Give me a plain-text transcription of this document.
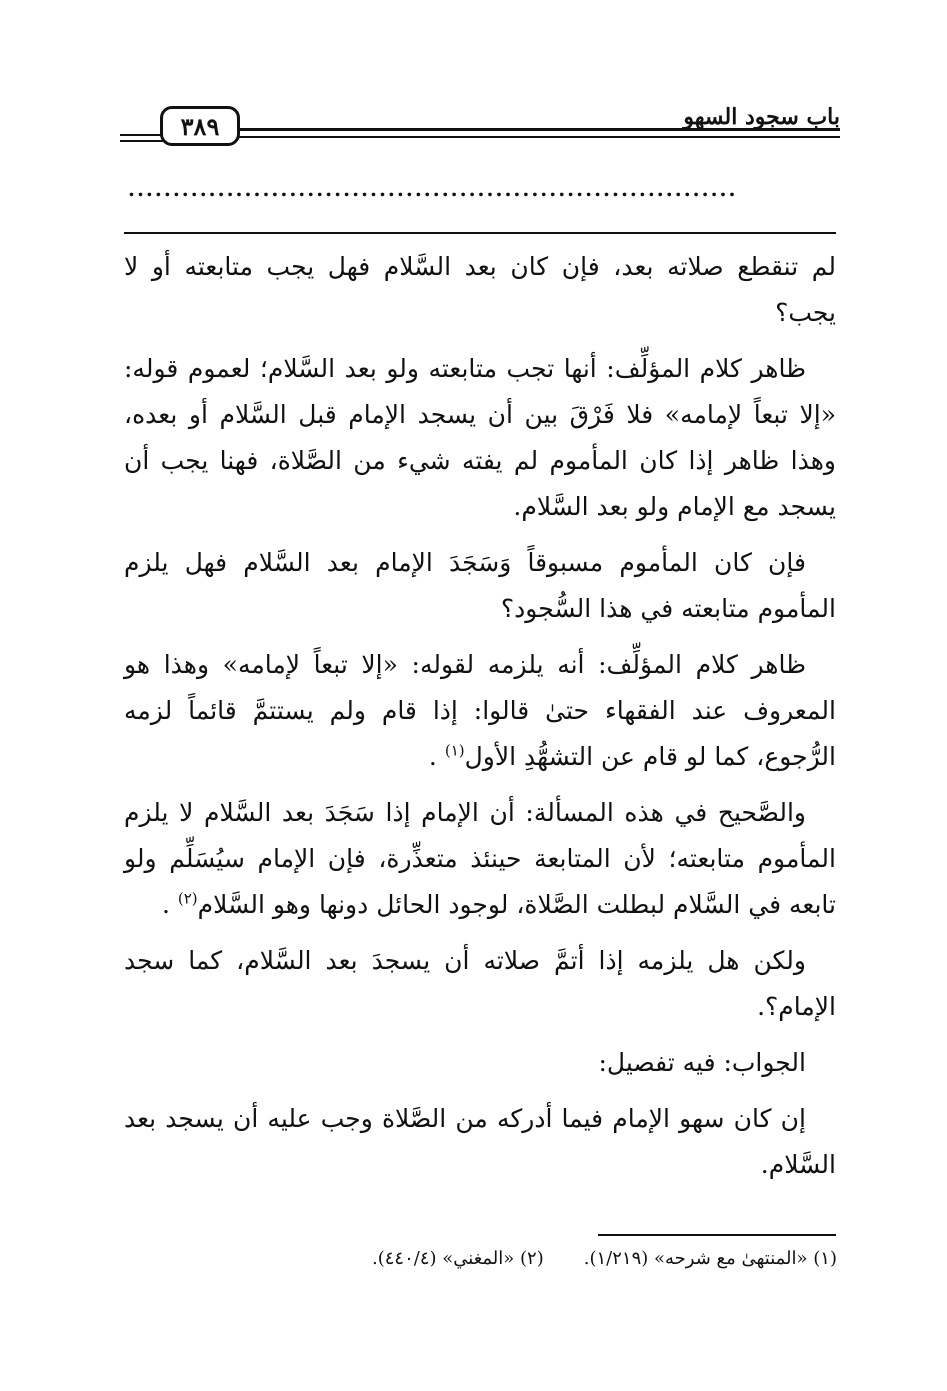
باب سجود السهو
٣٨٩
....................................................................

لم تنقطع صلاته بعد، فإن كان بعد السَّلام فهل يجب متابعته أو لا يجب؟

ظاهر كلام المؤلِّف: أنها تجب متابعته ولو بعد السَّلام؛ لعموم قوله: «إلا تبعاً لإمامه» فلا فَرْقَ بين أن يسجد الإمام قبل السَّلام أو بعده، وهذا ظاهر إذا كان المأموم لم يفته شيء من الصَّلاة، فهنا يجب أن يسجد مع الإمام ولو بعد السَّلام.

فإن كان المأموم مسبوقاً وَسَجَدَ الإمام بعد السَّلام فهل يلزم المأموم متابعته في هذا السُّجود؟

ظاهر كلام المؤلِّف: أنه يلزمه لقوله: «إلا تبعاً لإمامه» وهذا هو المعروف عند الفقهاء حتىٰ قالوا: إذا قام ولم يستتمَّ قائماً لزمه الرُّجوع، كما لو قام عن التشهُّدِ الأول$^{(١)}$ .

والصَّحيح في هذه المسألة: أن الإمام إذا سَجَدَ بعد السَّلام لا يلزم المأموم متابعته؛ لأن المتابعة حينئذ متعذِّرة، فإن الإمام سيُسَلِّم ولو تابعه في السَّلام لبطلت الصَّلاة، لوجود الحائل دونها وهو السَّلام$^{(٢)}$ .

ولكن هل يلزمه إذا أتمَّ صلاته أن يسجدَ بعد السَّلام، كما سجد الإمام؟.

الجواب: فيه تفصيل:

إن كان سهو الإمام فيما أدركه من الصَّلاة وجب عليه أن يسجد بعد السَّلام.

(١) «المنتهىٰ مع شرحه» (١/٢١٩).
(٢) «المغني» (٤٤٠/٤).
